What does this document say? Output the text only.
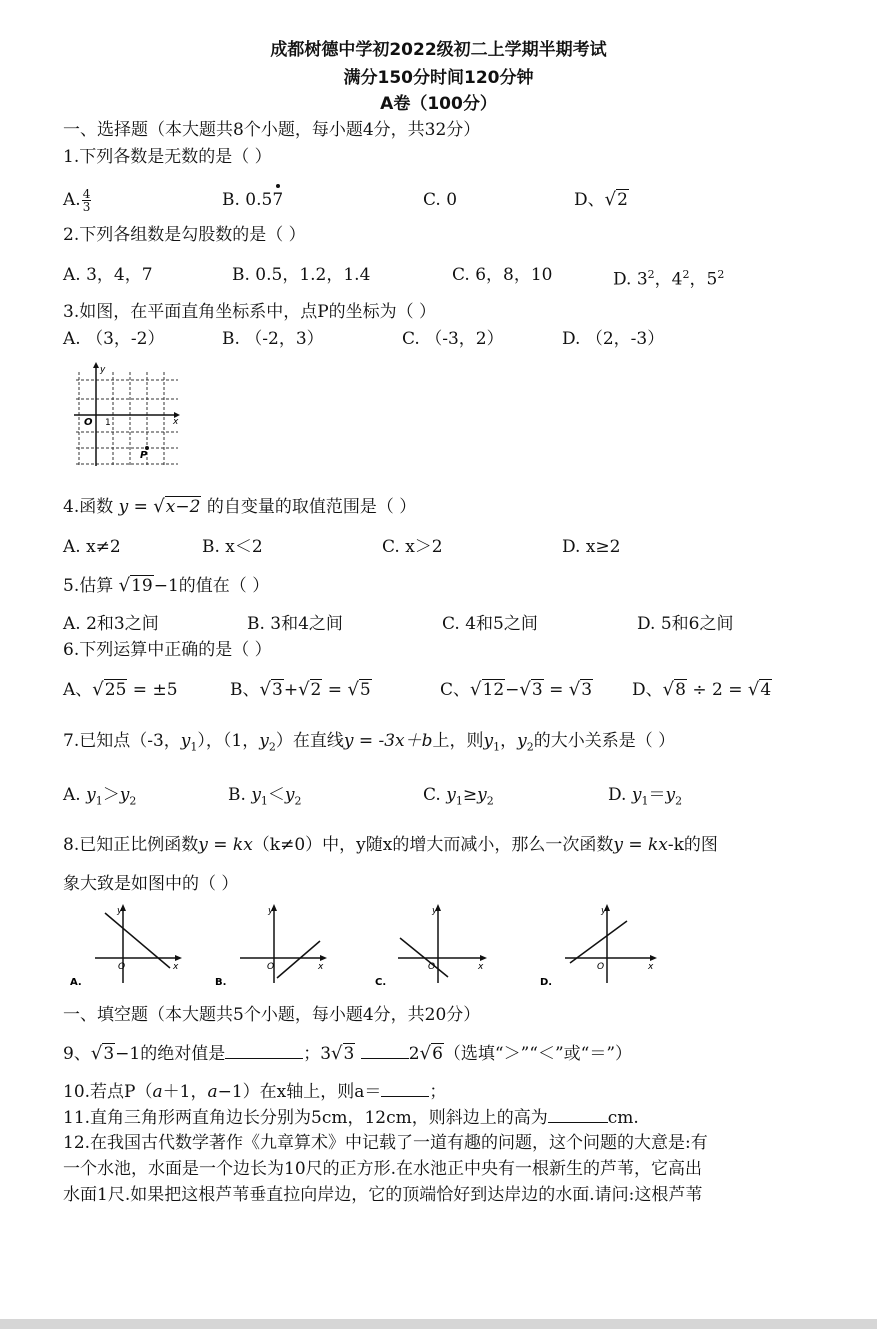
成都树德中学初2022级初二上学期半期考试
满分150分时间120分钟
A卷（100分）
一、选择题（本大题共8个小题，每小题4分，共32分）
1.下列各数是无数的是（ ）
A. $\frac{4}{3}$	B. 0.57	C. 0	D、√2
2.下列各组数是勾股数的是（ ）
A. 3，4，7	B. 0.5，1.2，1.4	C. 6，8，10	D. $3^2$，$4^2$，$5^2$
3.如图，在平面直角坐标系中，点P的坐标为（ ）
A. （3，-2）	B. （-2，3）	C. （-3，2）	D. （2，-3）
y
x
O 1
P
4.函数 y = √x−2 的自变量的取值范围是（ ）
A. x≠2	B. x＜2	C. x＞2	D. x≥2
5.估算 √19−1的值在（ ）
A. 2和3之间	B. 3和4之间	C. 4和5之间	D. 5和6之间
6.下列运算中正确的是（ ）
A、√25 = ±5	B、√3+√2 = √5	C、√12−√3 = √3 D、√8 ÷ 2 = √4
7.已知点（-3，$y_1$），（1，$y_2$）在直线y = -3x＋b上，则$y_1$，$y_2$的大小关系是（ ）
A. $y_1>y_2$	B. $y_1<y_2$	C. $y_1\ge y_2$	D. $y_1=y_2$
8.已知正比例函数y = kx（k≠0）中，y随x的增大而减小，那么一次函数y = kx-k的图
象大致是如图中的（ ）
y
x
O
A.
y
x
O
B.
y
x
O
C.
y
x
O
D.
一、填空题（本大题共5个小题，每小题4分，共20分）
9、√3−1的绝对值是	；3√3	2√6（选填“＞”“＜”或“＝”）
10.若点P（a＋1，a−1）在x轴上，则a＝	；
11.直角三角形两直角边长分别为5cm，12cm，则斜边上的高为	cm.
12.在我国古代数学著作《九章算术》中记载了一道有趣的问题，这个问题的大意是:有
一个水池，水面是一个边长为10尺的正方形.在水池正中央有一根新生的芦苇，它高出
水面1尺.如果把这根芦苇垂直拉向岸边，它的顶端恰好到达岸边的水面.请问:这根芦苇
